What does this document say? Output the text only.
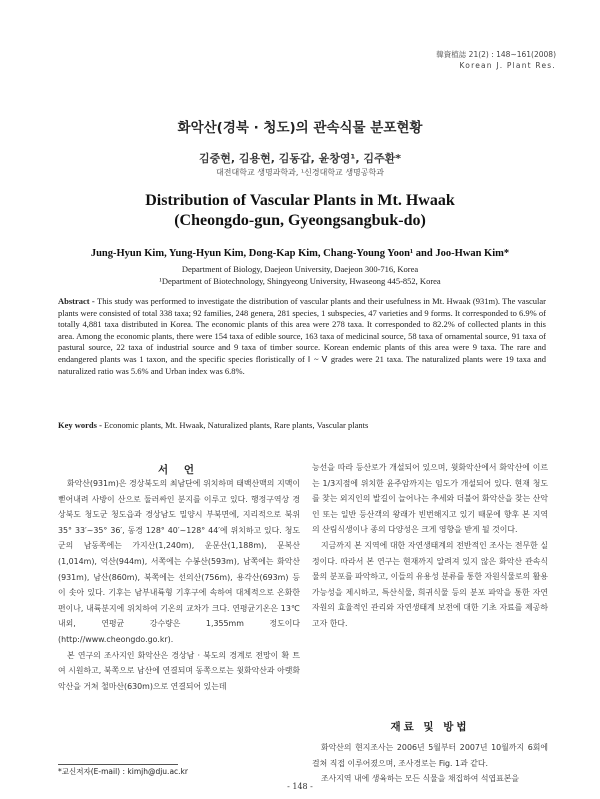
韓資植誌 21(2) : 148~161(2008)
Korean J. Plant Res.
화악산(경북 · 청도)의 관속식물 분포현황
김중현, 김용현, 김동갑, 윤창영¹, 김주환*
대전대학교 생명과학과, ¹신경대학교 생명공학과
Distribution of Vascular Plants in Mt. Hwaak
(Cheongdo-gun, Gyeongsangbuk-do)
Jung-Hyun Kim, Yung-Hyun Kim, Dong-Kap Kim, Chang-Young Yoon¹ and Joo-Hwan Kim*
Department of Biology, Daejeon University, Daejeon 300-716, Korea
¹Department of Biotechnology, Shingyeong University, Hwaseong 445-852, Korea
Abstract - This study was performed to investigate the distribution of vascular plants and their usefulness in Mt. Hwaak (931m). The vascular plants were consisted of total 338 taxa; 92 families, 248 genera, 281 species, 1 subspecies, 47 varieties and 9 forms. It corresponded to 6.9% of totally 4,881 taxa distributed in Korea. The economic plants of this area were 278 taxa. It corresponded to 82.2% of collected plants in this area. Among the economic plants, there were 154 taxa of edible source, 163 taxa of medicinal source, 58 taxa of ornamental source, 91 taxa of pastural source, 22 taxa of industrial source and 9 taxa of timber source. Korean endemic plants of this area were 9 taxa. The rare and endangered plants was 1 taxon, and the specific species floristically of Ⅰ ~ Ⅴ grades were 21 taxa. The naturalized plants were 19 taxa and naturalized ratio was 5.6% and Urban index was 6.8%.
Key words - Economic plants, Mt. Hwaak, Naturalized plants, Rare plants, Vascular plants
서 언

화악산(931m)은 경상북도의 최남단에 위치하며 태백산맥의 지맥이 뻗어내려 사방이 산으로 둘러싸인 분지를 이루고 있다. 행정구역상 경상북도 청도군 청도읍과 경상남도 밀양시 부북면에, 지리적으로 북위 35° 33′~35° 36′, 동경 128° 40′~128° 44′에 위치하고 있다. 청도군의 남동쪽에는 가지산(1,240m), 운문산(1,188m), 문복산(1,014m), 억산(944m), 서쪽에는 수봉산(593m), 남쪽에는 화악산(931m), 남산(860m), 북쪽에는 선의산(756m), 용각산(693m) 등이 솟아 있다. 기후는 남부내륙형 기후구에 속하여 대체적으로 온화한 편이나, 내륙분지에 위치하여 기온의 교차가 크다. 연평균기온은 13℃ 내외, 연평균 강수량은 1,355mm 정도이다(http://www.cheongdo.go.kr).

본 연구의 조사지인 화악산은 경상남 · 북도의 경계로 전망이 확 트여 시원하고, 북쪽으로 남산에 연결되며 동쪽으로는 윗화악산과 아랫화악산을 거쳐 철마산(630m)으로 연결되어 있는데

능선을 따라 등산로가 개설되어 있으며, 윗화악산에서 화악산에 이르는 1/3지점에 위치한 윤주암까지는 임도가 개설되어 있다. 현재 청도를 찾는 외지인의 발길이 늘어나는 추세와 더불어 화악산을 찾는 산악인 또는 일반 등산객의 왕래가 빈번해지고 있기 때문에 향후 본 지역의 산림식생이나 종의 다양성은 크게 영향을 받게 될 것이다.

지금까지 본 지역에 대한 자연생태계의 전반적인 조사는 전무한 실정이다. 따라서 본 연구는 현재까지 알려져 있지 않은 화악산 관속식물의 분포를 파악하고, 이들의 유용성 분류를 통한 자원식물로의 활용 가능성을 제시하고, 특산식물, 희귀식물 등의 분포 파악을 통한 자연자원의 효율적인 관리와 자연생태계 보전에 대한 기초 자료를 제공하고자 한다.

재료 및 방법

화악산의 현지조사는 2006년 5월부터 2007년 10월까지 6회에 걸쳐 직접 이루어졌으며, 조사경로는 Fig. 1과 같다.

조사지역 내에 생육하는 모든 식물을 채집하여 석엽표본을

*교신저자(E-mail) : kimjh@dju.ac.kr
- 148 -
